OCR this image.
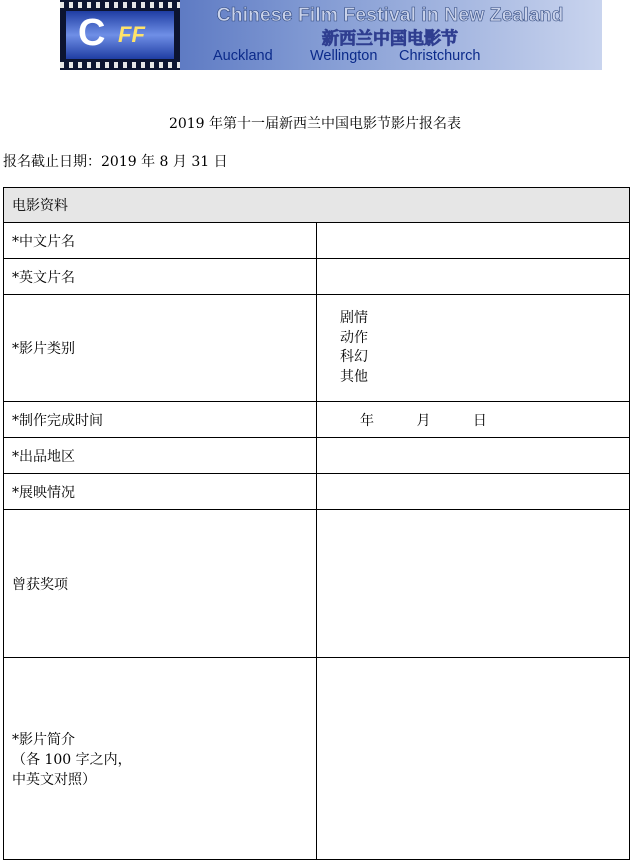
C FF
Chinese Film Festival in New Zealand
新西兰中国电影节
Auckland	Wellington Christchurch
2019 年第十一届新西兰中国电影节影片报名表
报名截止日期：2019 年 8 月 31 日
电影资料	
*中文片名	
*英文片名	
*影片类别	剧情
动作
科幻
其他

*制作完成时间	年 月 日
*出品地区	
*展映情况	
曾获奖项	

*影片简介
（各 100 字之内，
中英文对照）	
